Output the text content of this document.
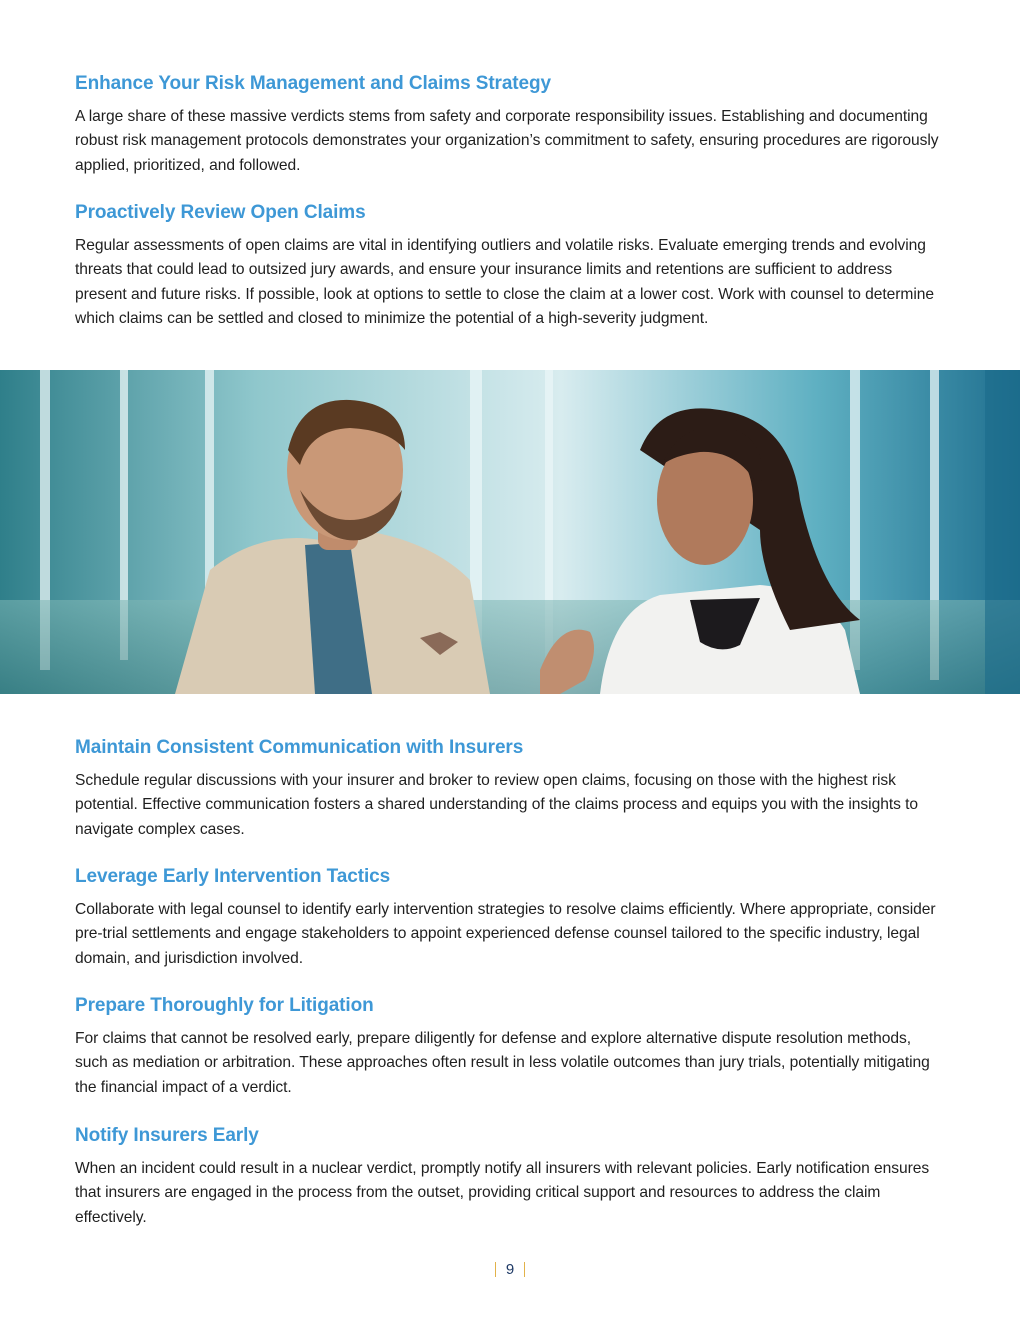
Enhance Your Risk Management and Claims Strategy

A large share of these massive verdicts stems from safety and corporate responsibility issues. Establishing and documenting robust risk management protocols demonstrates your organization’s commitment to safety, ensuring procedures are rigorously applied, prioritized, and followed.

Proactively Review Open Claims

Regular assessments of open claims are vital in identifying outliers and volatile risks. Evaluate emerging trends and evolving threats that could lead to outsized jury awards, and ensure your insurance limits and retentions are sufficient to address present and future risks. If possible, look at options to settle to close the claim at a lower cost. Work with counsel to determine which claims can be settled and closed to minimize the potential of a high-severity judgment.

Maintain Consistent Communication with Insurers

Schedule regular discussions with your insurer and broker to review open claims, focusing on those with the highest risk potential. Effective communication fosters a shared understanding of the claims process and equips you with the insights to navigate complex cases.

Leverage Early Intervention Tactics

Collaborate with legal counsel to identify early intervention strategies to resolve claims efficiently. Where appropriate, consider pre-trial settlements and engage stakeholders to appoint experienced defense counsel tailored to the specific industry, legal domain, and jurisdiction involved.

Prepare Thoroughly for Litigation

For claims that cannot be resolved early, prepare diligently for defense and explore alternative dispute resolution methods, such as mediation or arbitration. These approaches often result in less volatile outcomes than jury trials, potentially mitigating the financial impact of a verdict.

Notify Insurers Early

When an incident could result in a nuclear verdict, promptly notify all insurers with relevant policies. Early notification ensures that insurers are engaged in the process from the outset, providing critical support and resources to address the claim effectively.

9
